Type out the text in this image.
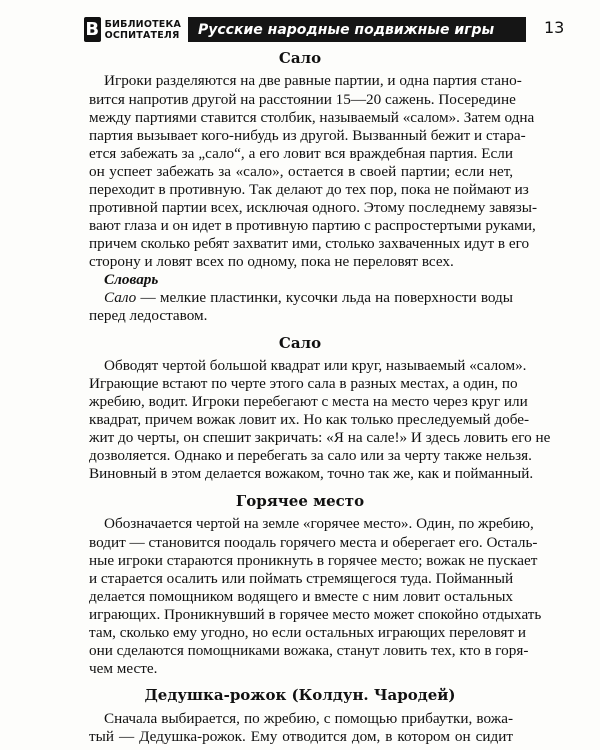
В БИБЛИОТЕКА
ОСПИТАТЕЛЯ	Русские народные подвижные игры	13
Сало
Игроки разделяются на две равные партии, и одна партия стано-
вится напротив другой на расстоянии 15—20 сажень. Посередине
между партиями ставится столбик, называемый «салом». Затем одна
партия вызывает кого-нибудь из другой. Вызванный бежит и стара-
ется забежать за „сало“, а его ловит вся враждебная партия. Если
он успеет забежать за «сало», остается в своей партии; если нет,
переходит в противную. Так делают до тех пор, пока не поймают из
противной партии всех, исключая одного. Этому последнему завязы-
вают глаза и он идет в противную партию с распростертыми руками,
причем сколько ребят захватит ими, столько захваченных идут в его
сторону и ловят всех по одному, пока не переловят всех.
Словарь
Сало — мелкие пластинки, кусочки льда на поверхности воды
перед ледоставом.
Сало
Обводят чертой большой квадрат или круг, называемый «салом».
Играющие встают по черте этого сала в разных местах, а один, по
жребию, водит. Игроки перебегают с места на место через круг или
квадрат, причем вожак ловит их. Но как только преследуемый добе-
жит до черты, он спешит закричать: «Я на сале!» И здесь ловить его не
дозволяется. Однако и перебегать за сало или за черту также нельзя.
Виновный в этом делается вожаком, точно так же, как и пойманный.
Горячее место
Обозначается чертой на земле «горячее место». Один, по жребию,
водит — становится поодаль горячего места и оберегает его. Осталь-
ные игроки стараются проникнуть в горячее место; вожак не пускает
и старается осалить или поймать стремящегося туда. Пойманный
делается помощником водящего и вместе с ним ловит остальных
играющих. Проникнувший в горячее место может спокойно отдыхать
там, сколько ему угодно, но если остальных играющих переловят и
они сделаются помощниками вожака, станут ловить тех, кто в горя-
чем месте.
Дедушка-рожок (Колдун. Чародей)
Сначала выбирается, по жребию, с помощью прибаутки, вожа-
тый — Дедушка-рожок. Ему отводится дом, в котором он сидит
